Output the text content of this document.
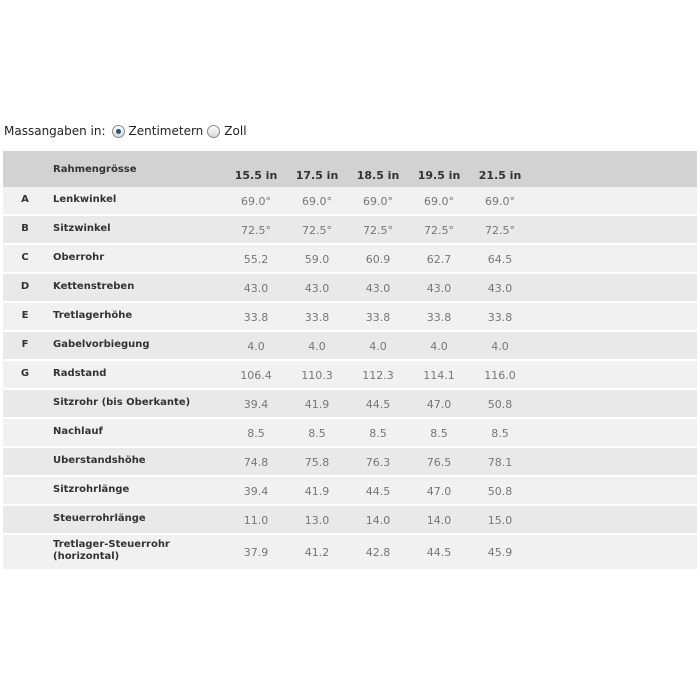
Massangaben in: Zentimetern Zoll
Rahmengrösse	15.5 in	17.5 in	18.5 in	19.5 in	21.5 in
A	Lenkwinkel	69.0°	69.0°	69.0°	69.0°	69.0°
B	Sitzwinkel	72.5°	72.5°	72.5°	72.5°	72.5°
C	Oberrohr	55.2	59.0	60.9	62.7	64.5
D	Kettenstreben	43.0	43.0	43.0	43.0	43.0
E	Tretlagerhöhe	33.8	33.8	33.8	33.8	33.8
F	Gabelvorbiegung	4.0	4.0	4.0	4.0	4.0
G	Radstand	106.4	110.3	112.3	114.1	116.0
Sitzrohr (bis Oberkante)	39.4	41.9	44.5	47.0	50.8
Nachlauf	8.5	8.5	8.5	8.5	8.5
Uberstandshöhe	74.8	75.8	76.3	76.5	78.1
Sitzrohrlänge	39.4	41.9	44.5	47.0	50.8
Steuerrohrlänge	11.0	13.0	14.0	14.0	15.0
Tretlager-Steuerrohr (horizontal)	37.9	41.2	42.8	44.5	45.9
